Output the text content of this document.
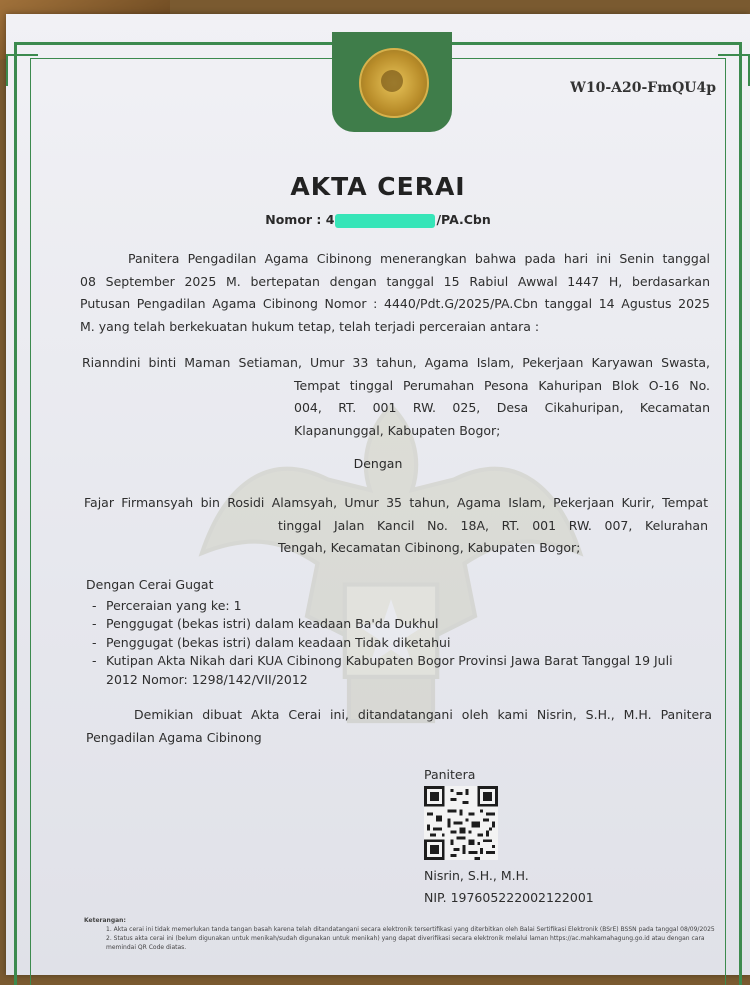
W10-A20-FmQU4p
AKTA CERAI
Nomor : 4	/PA.Cbn
Panitera Pengadilan Agama Cibinong menerangkan bahwa pada hari ini Senin tanggal
08 September 2025 M. bertepatan dengan tanggal 15 Rabiul Awwal 1447 H, berdasarkan
Putusan Pengadilan Agama Cibinong Nomor : 4440/Pdt.G/2025/PA.Cbn tanggal 14 Agustus 2025
M. yang telah berkekuatan hukum tetap, telah terjadi perceraian antara :
Rianndini binti Maman Setiaman, Umur 33 tahun, Agama Islam, Pekerjaan Karyawan Swasta,
Tempat tinggal Perumahan Pesona Kahuripan Blok O-16 No.
004, RT. 001 RW. 025, Desa Cikahuripan, Kecamatan
Klapanunggal, Kabupaten Bogor;
Dengan
Fajar Firmansyah bin Rosidi Alamsyah, Umur 35 tahun, Agama Islam, Pekerjaan Kurir, Tempat
tinggal Jalan Kancil No. 18A, RT. 001 RW. 007, Kelurahan
Tengah, Kecamatan Cibinong, Kabupaten Bogor;
Dengan Cerai Gugat
- Perceraian yang ke: 1
- Penggugat (bekas istri) dalam keadaan Ba'da Dukhul
- Penggugat (bekas istri) dalam keadaan Tidak diketahui
- Kutipan Akta Nikah dari KUA Cibinong Kabupaten Bogor Provinsi Jawa Barat Tanggal 19 Juli
2012 Nomor: 1298/142/VII/2012
Demikian dibuat Akta Cerai ini, ditandatangani oleh kami Nisrin, S.H., M.H. Panitera
Pengadilan Agama Cibinong
Panitera
Nisrin, S.H., M.H.
NIP. 197605222002122001
Keterangan:
1. Akta cerai ini tidak memerlukan tanda tangan basah karena telah ditandatangani secara elektronik tersertifikasi yang diterbitkan oleh Balai Sertifikasi Elektronik (BSrE) BSSN pada tanggal 08/09/2025
2. Status akta cerai ini (belum digunakan untuk menikah/sudah digunakan untuk menikah) yang dapat diverifikasi secara elektronik melalui laman https://ac.mahkamahagung.go.id atau dengan cara memindai QR Code diatas.
